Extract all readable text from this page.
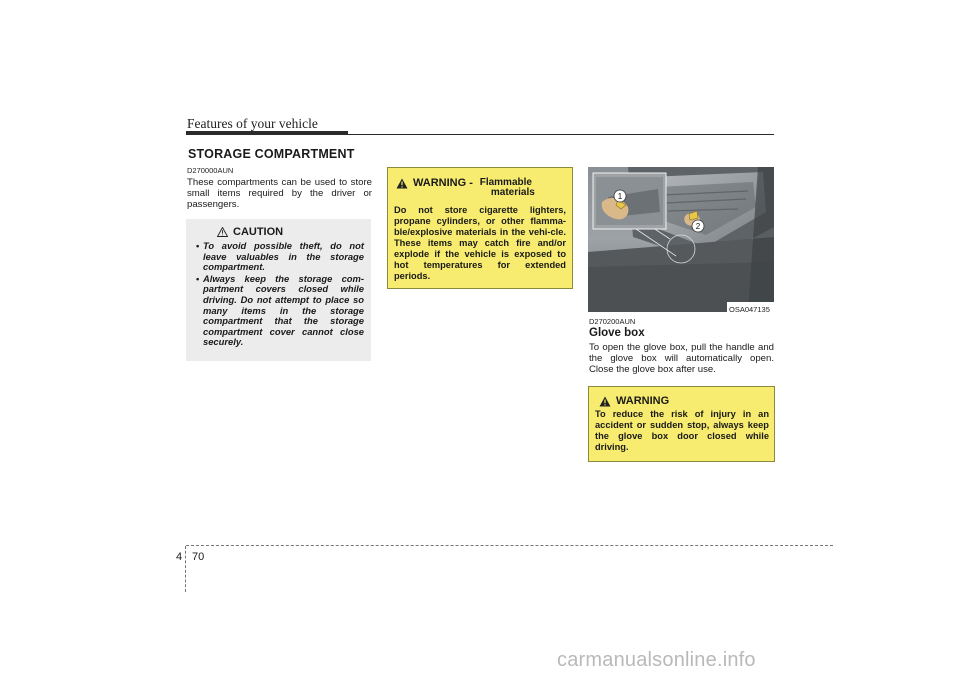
Features of your vehicle
STORAGE COMPARTMENT
D270000AUN
These compartments can be used to store small items required by the driver or passengers.
CAUTION
• To avoid possible theft, do not leave valuables in the storage compartment.
• Always keep the storage com-partment covers closed while driving. Do not attempt to place so many items in the storage compartment that the storage compartment cover cannot close securely.
WARNING - Flammable
materials
Do not store cigarette lighters, propane cylinders, or other flamma-ble/explosive materials in the vehi-cle. These items may catch fire and/or explode if the vehicle is exposed to hot temperatures for extended periods.
1
2
OSA047135
D270200AUN
Glove box
To open the glove box, pull the handle and the glove box will automatically open. Close the glove box after use.
WARNING
To reduce the risk of injury in an accident or sudden stop, always keep the glove box door closed while driving.
4 70
carmanualsonline.info
